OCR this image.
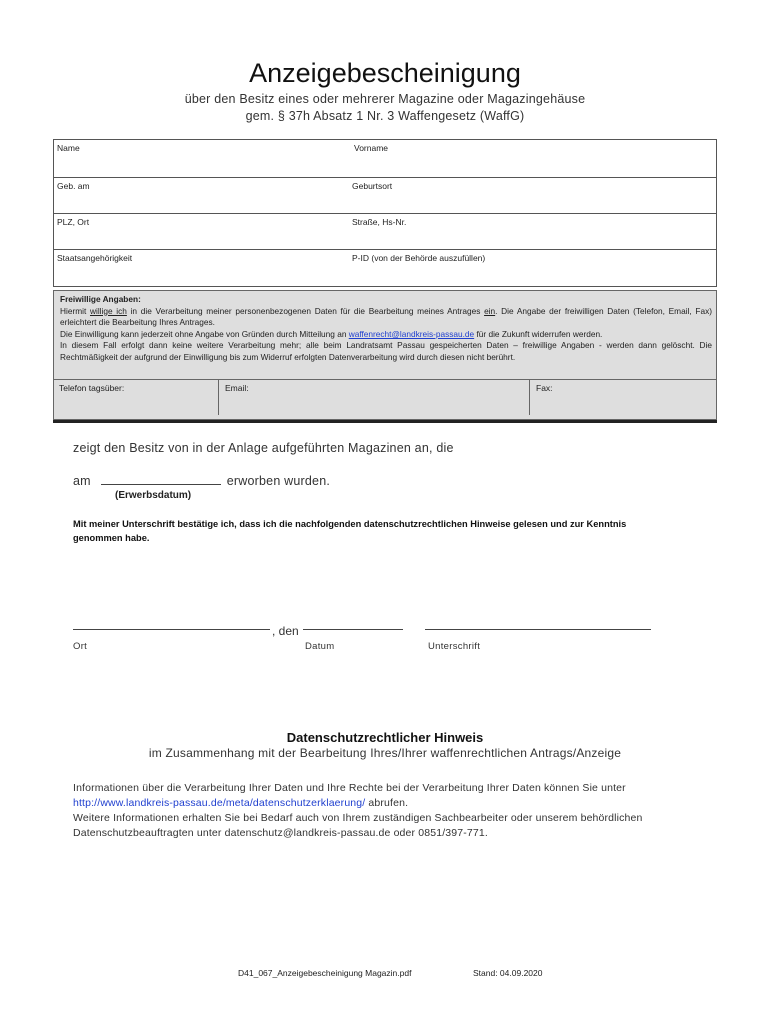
Anzeigebescheinigung
über den Besitz eines oder mehrerer Magazine oder Magazingehäuse
gem. § 37h Absatz 1 Nr. 3 Waffengesetz (WaffG)
Name	Vorname
Geb. am	Geburtsort
PLZ, Ort	Straße, Hs-Nr.
Staatsangehörigkeit	P-ID (von der Behörde auszufüllen)
Freiwillige Angaben:
Hiermit willige ich in die Verarbeitung meiner personenbezogenen Daten für die Bearbeitung meines Antrages ein. Die Angabe der freiwilligen Daten (Telefon, Email, Fax) erleichtert die Bearbeitung Ihres Antrages.
Die Einwilligung kann jederzeit ohne Angabe von Gründen durch Mitteilung an waffenrecht@landkreis-passau.de für die Zukunft widerrufen werden.
In diesem Fall erfolgt dann keine weitere Verarbeitung mehr; alle beim Landratsamt Passau gespeicherten Daten – freiwillige Angaben - werden dann gelöscht. Die Rechtmäßigkeit der aufgrund der Einwilligung bis zum Widerruf erfolgten Datenverarbeitung wird durch diesen nicht berührt.
Telefon tagsüber:	Email:	Fax:
zeigt den Besitz von in der Anlage aufgeführten Magazinen an, die
am	erworben wurden.
(Erwerbsdatum)
Mit meiner Unterschrift bestätige ich, dass ich die nachfolgenden datenschutzrechtlichen Hinweise gelesen und zur Kenntnis genommen habe.
, den
Ort	Datum	Unterschrift
Datenschutzrechtlicher Hinweis
im Zusammenhang mit der Bearbeitung Ihres/Ihrer waffenrechtlichen Antrags/Anzeige
Informationen über die Verarbeitung Ihrer Daten und Ihre Rechte bei der Verarbeitung Ihrer Daten können Sie unter
http://www.landkreis-passau.de/meta/datenschutzerklaerung/ abrufen.
Weitere Informationen erhalten Sie bei Bedarf auch von Ihrem zuständigen Sachbearbeiter oder unserem behördlichen Datenschutzbeauftragten unter datenschutz@landkreis-passau.de oder 0851/397-771.
D41_067_Anzeigebescheinigung Magazin.pdf	Stand: 04.09.2020
